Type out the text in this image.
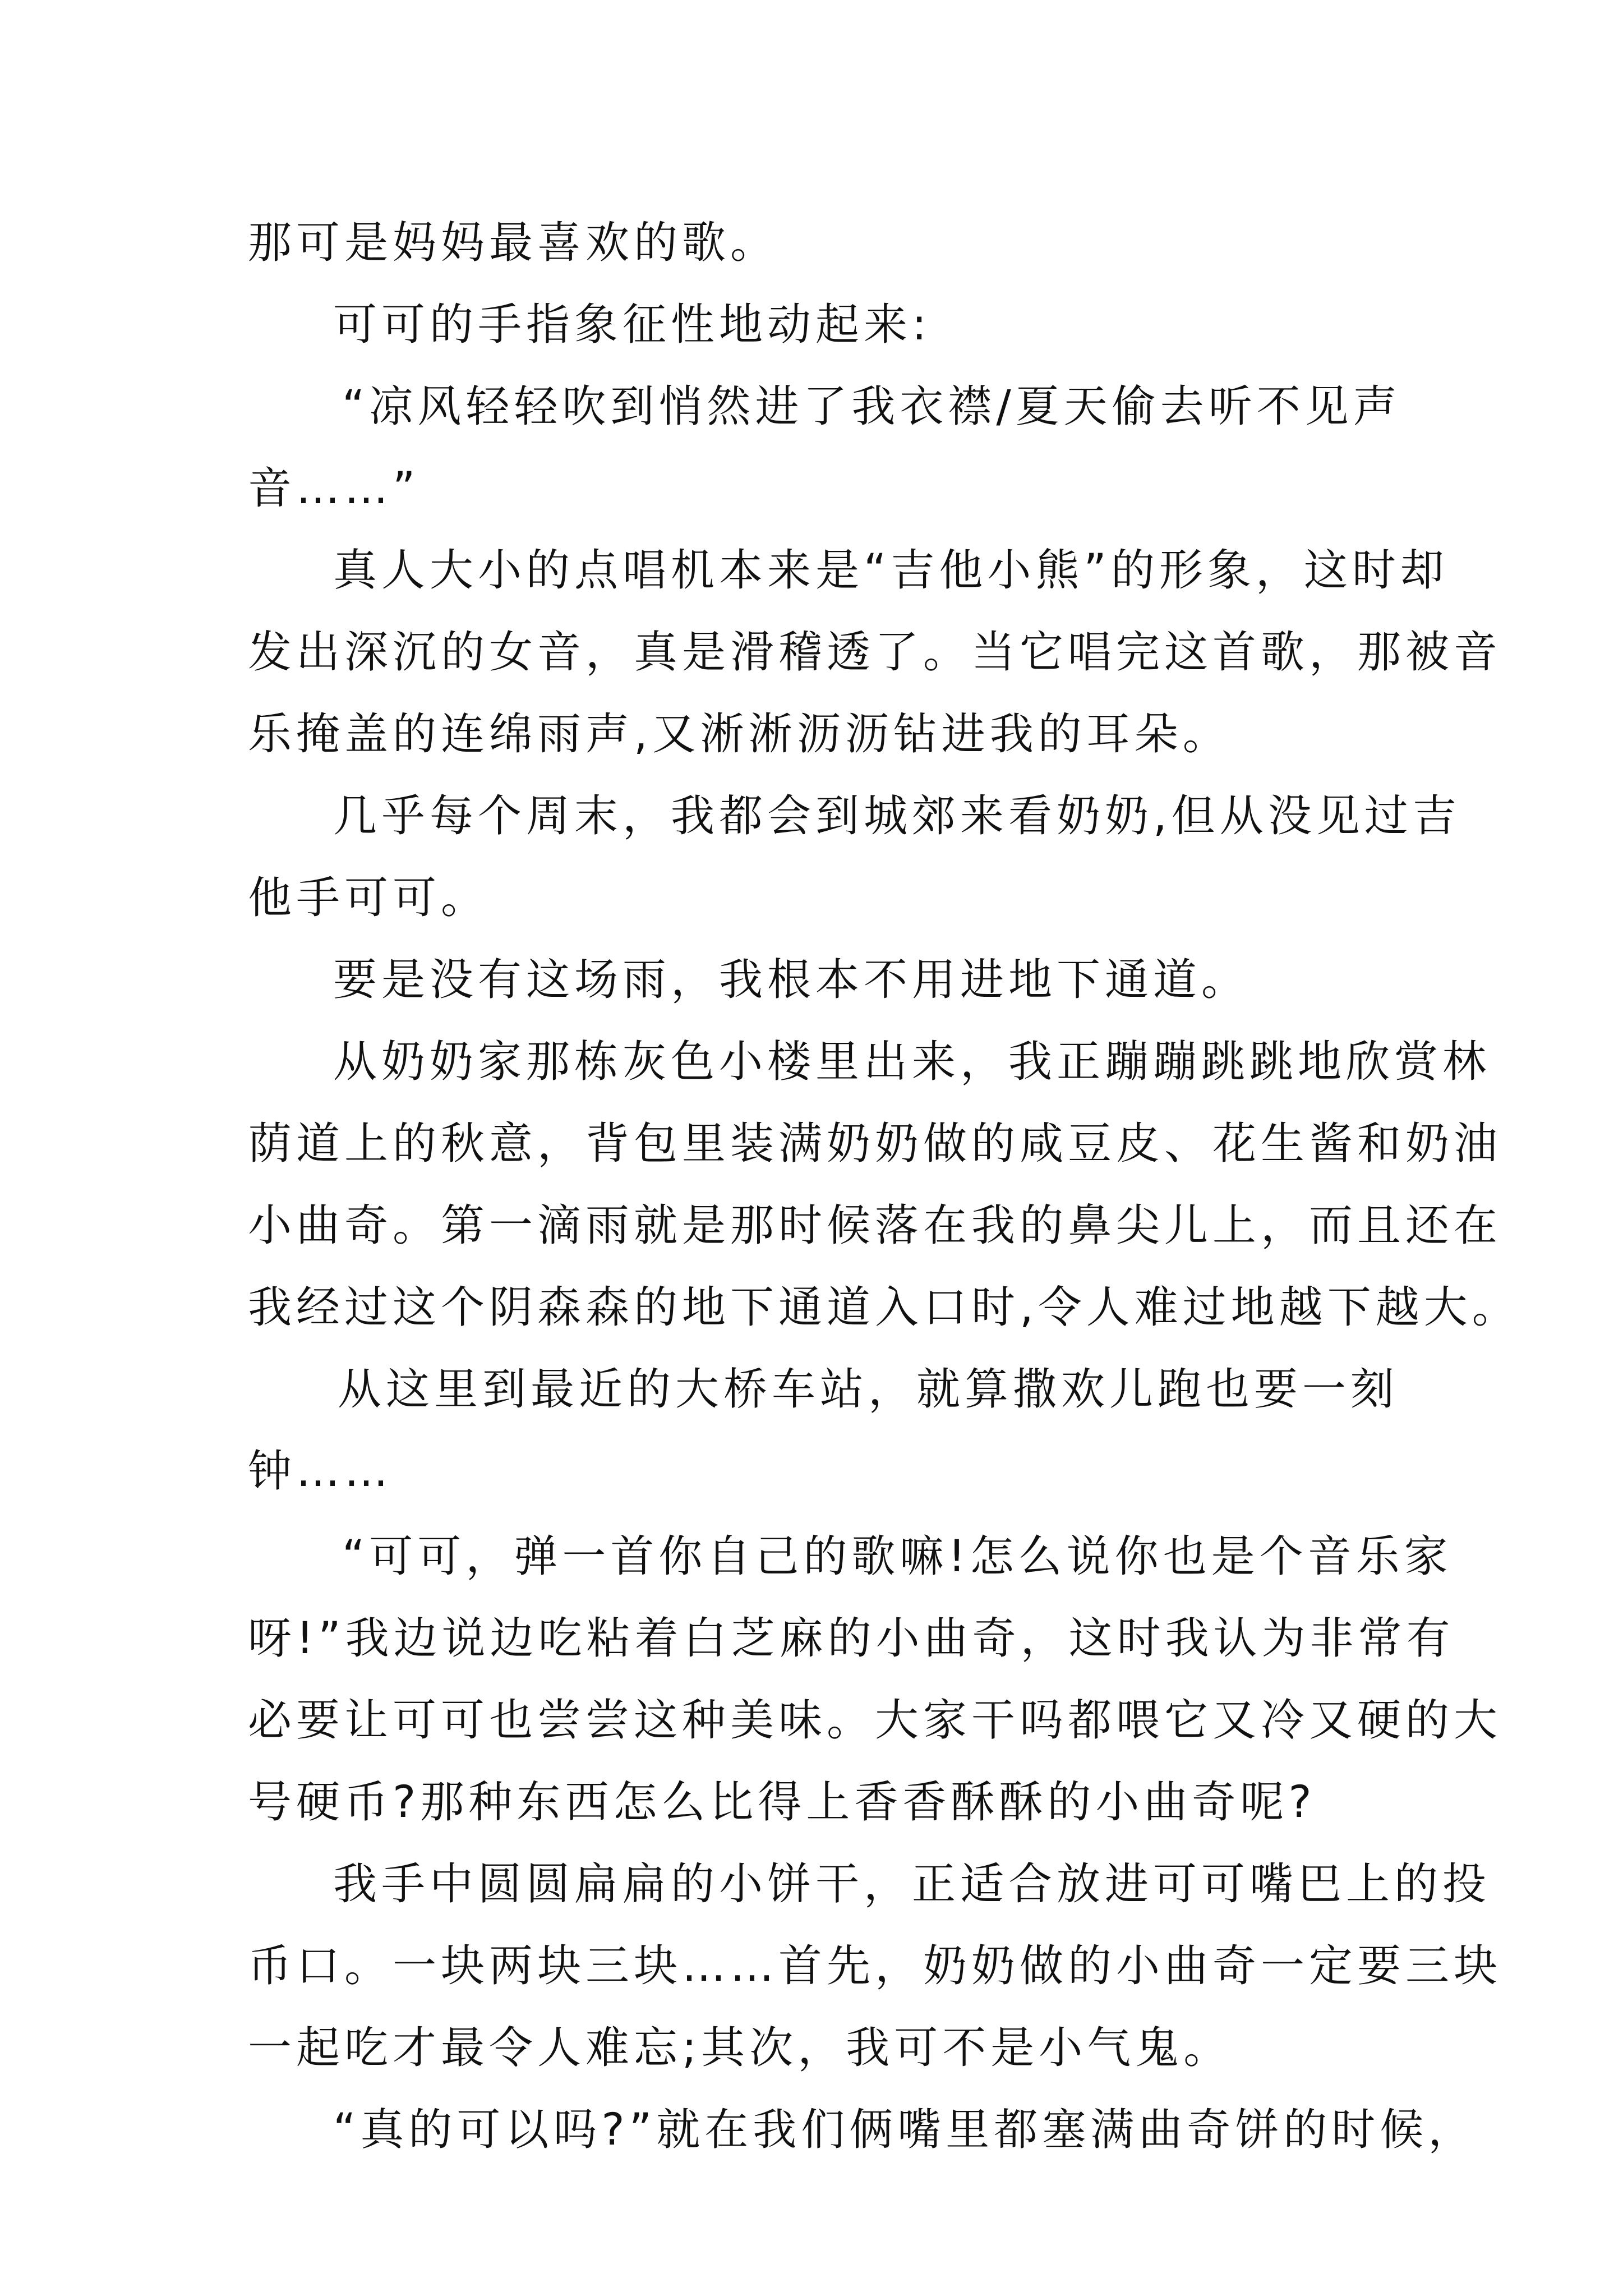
那可是妈妈最喜欢的歌。
可可的手指象征性地动起来:
“凉风轻轻吹到悄然进了我衣襟/夏天偷去听不见声
音……”
真人大小的点唱机本来是“吉他小熊”的形象，这时却
发出深沉的女音，真是滑稽透了。当它唱完这首歌，那被音
乐掩盖的连绵雨声,又淅淅沥沥钻进我的耳朵。
几乎每个周末，我都会到城郊来看奶奶,但从没见过吉
他手可可。
要是没有这场雨，我根本不用进地下通道。
从奶奶家那栋灰色小楼里出来，我正蹦蹦跳跳地欣赏林
荫道上的秋意，背包里装满奶奶做的咸豆皮、花生酱和奶油
小曲奇。第一滴雨就是那时候落在我的鼻尖儿上，而且还在
我经过这个阴森森的地下通道入口时,令人难过地越下越大。
从这里到最近的大桥车站，就算撒欢儿跑也要一刻
钟……
“可可，弹一首你自己的歌嘛!怎么说你也是个音乐家
呀!”我边说边吃粘着白芝麻的小曲奇，这时我认为非常有
必要让可可也尝尝这种美味。大家干吗都喂它又冷又硬的大
号硬币?那种东西怎么比得上香香酥酥的小曲奇呢?
我手中圆圆扁扁的小饼干，正适合放进可可嘴巴上的投
币口。一块两块三块……首先，奶奶做的小曲奇一定要三块
一起吃才最令人难忘;其次，我可不是小气鬼。
“真的可以吗?”就在我们俩嘴里都塞满曲奇饼的时候，
